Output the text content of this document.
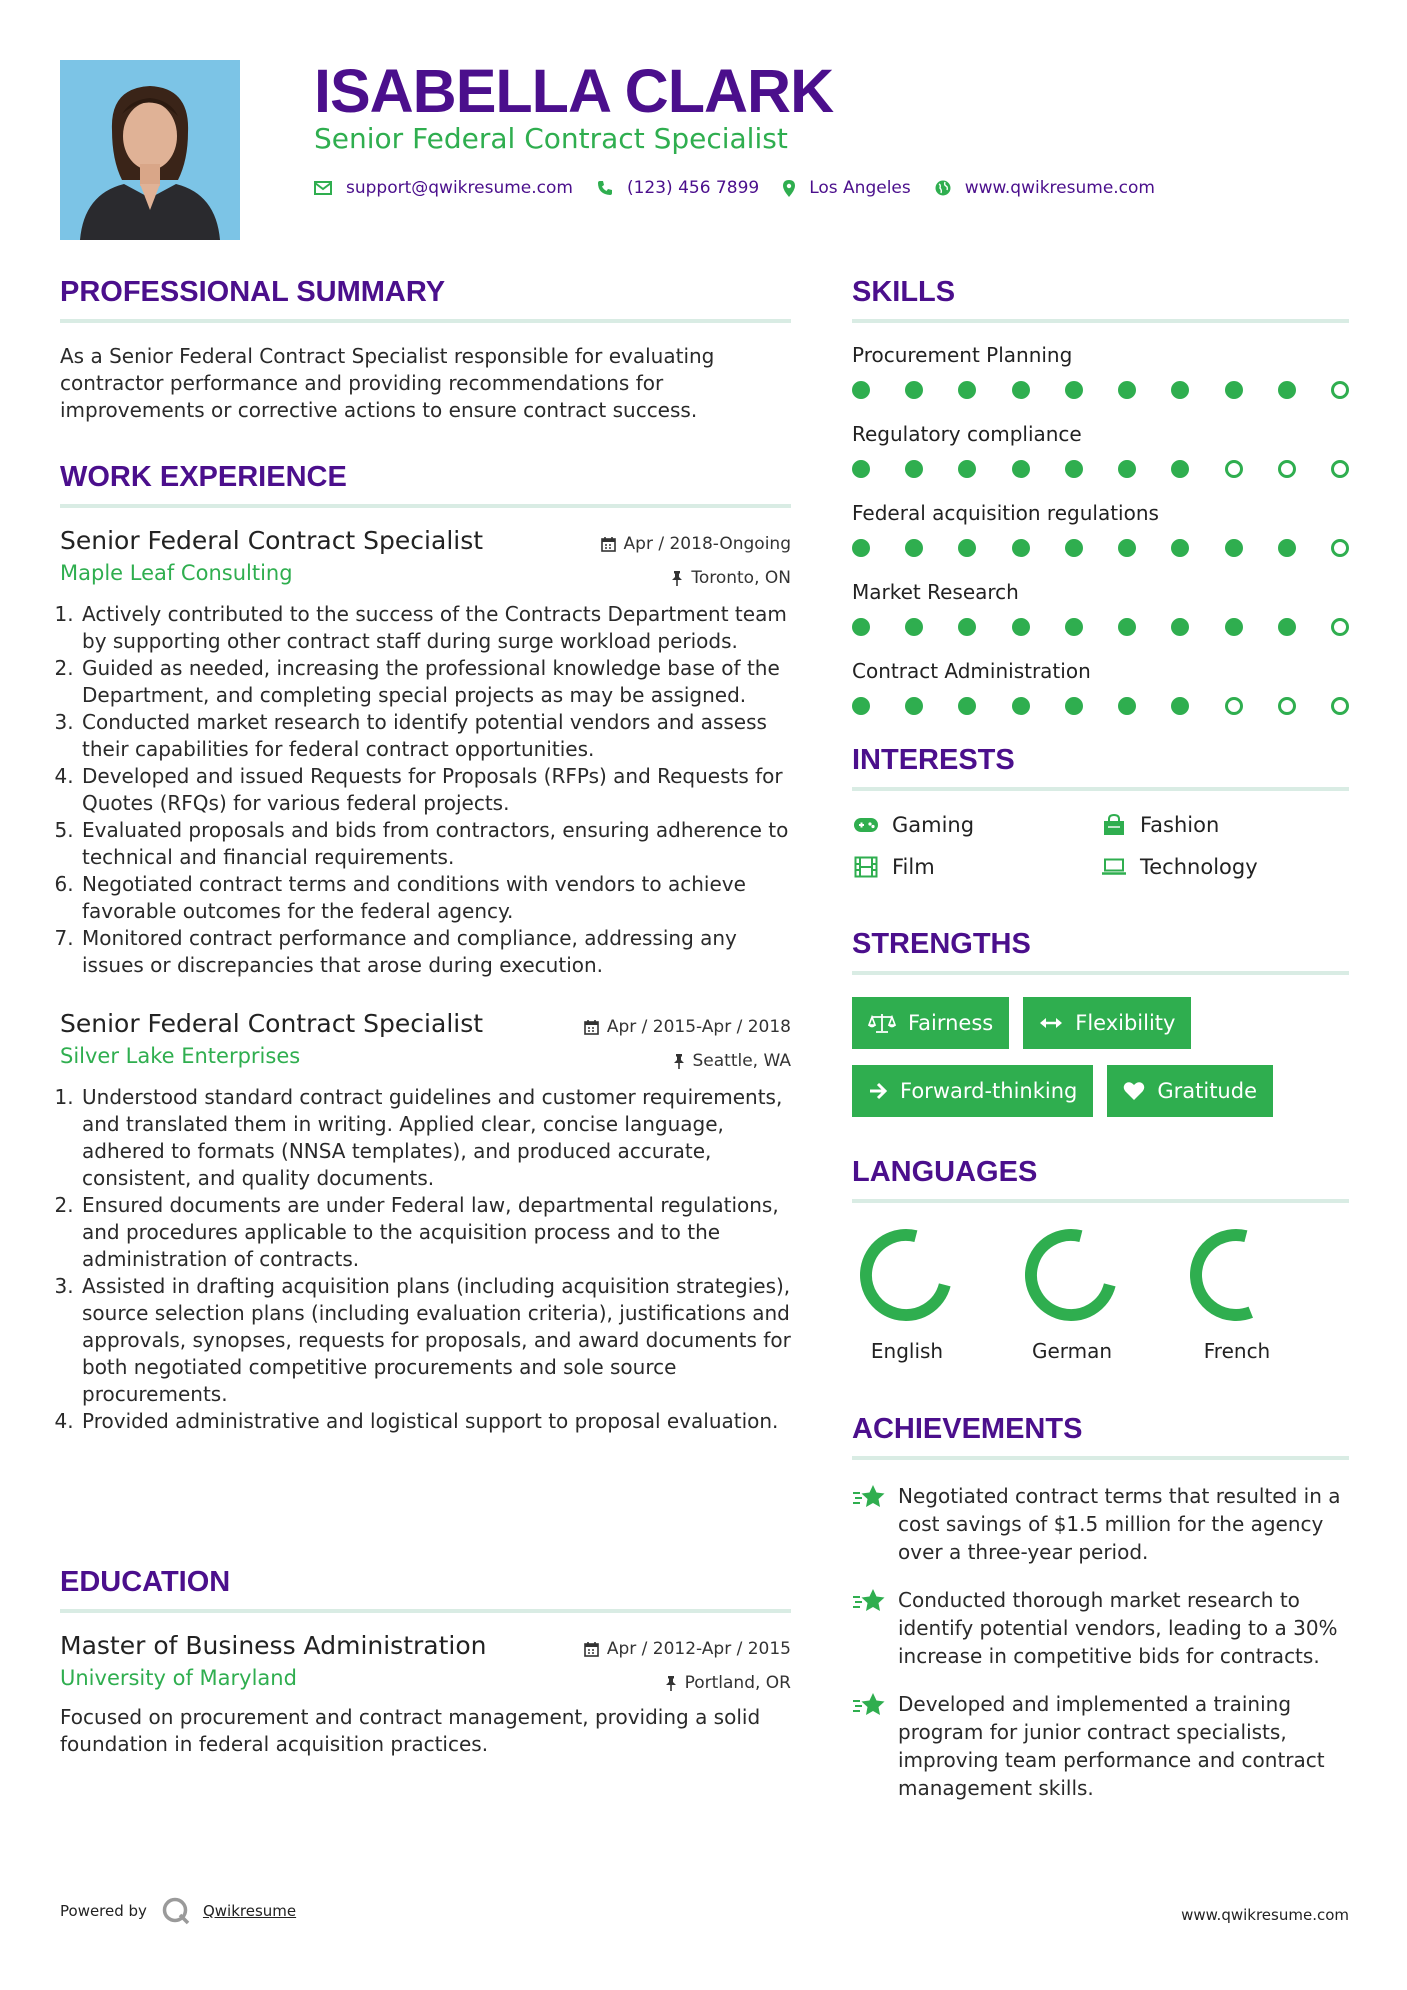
ISABELLA CLARK
Senior Federal Contract Specialist
support@qwikresume.com	(123) 456 7899	Los Angeles	www.qwikresume.com
PROFESSIONAL SUMMARY
As a Senior Federal Contract Specialist responsible for evaluating contractor performance and providing recommendations for improvements or corrective actions to ensure contract success.
WORK EXPERIENCE
Senior Federal Contract Specialist	Apr / 2018-Ongoing
Maple Leaf Consulting	Toronto, ON
1. Actively contributed to the success of the Contracts Department team by supporting other contract staff during surge workload periods.
2. Guided as needed, increasing the professional knowledge base of the Department, and completing special projects as may be assigned.
3. Conducted market research to identify potential vendors and assess their capabilities for federal contract opportunities.
4. Developed and issued Requests for Proposals (RFPs) and Requests for Quotes (RFQs) for various federal projects.
5. Evaluated proposals and bids from contractors, ensuring adherence to technical and financial requirements.
6. Negotiated contract terms and conditions with vendors to achieve favorable outcomes for the federal agency.
7. Monitored contract performance and compliance, addressing any issues or discrepancies that arose during execution.
Senior Federal Contract Specialist	Apr / 2015-Apr / 2018
Silver Lake Enterprises	Seattle, WA
1. Understood standard contract guidelines and customer requirements, and translated them in writing. Applied clear, concise language, adhered to formats (NNSA templates), and produced accurate, consistent, and quality documents.
2. Ensured documents are under Federal law, departmental regulations, and procedures applicable to the acquisition process and to the administration of contracts.
3. Assisted in drafting acquisition plans (including acquisition strategies), source selection plans (including evaluation criteria), justifications and approvals, synopses, requests for proposals, and award documents for both negotiated competitive procurements and sole source procurements.
4. Provided administrative and logistical support to proposal evaluation.
EDUCATION
Master of Business Administration	Apr / 2012-Apr / 2015
University of Maryland	Portland, OR
Focused on procurement and contract management, providing a solid foundation in federal acquisition practices.
SKILLS
Procurement Planning
Regulatory compliance
Federal acquisition regulations
Market Research
Contract Administration
INTERESTS
Gaming	Fashion
Film	Technology
STRENGTHS
Fairness	Flexibility
Forward-thinking	Gratitude
LANGUAGES
English	German	French
ACHIEVEMENTS
Negotiated contract terms that resulted in a cost savings of $1.5 million for the agency over a three-year period.
Conducted thorough market research to identify potential vendors, leading to a 30% increase in competitive bids for contracts.
Developed and implemented a training program for junior contract specialists, improving team performance and contract management skills.
Powered by	Qwikresume	www.qwikresume.com
